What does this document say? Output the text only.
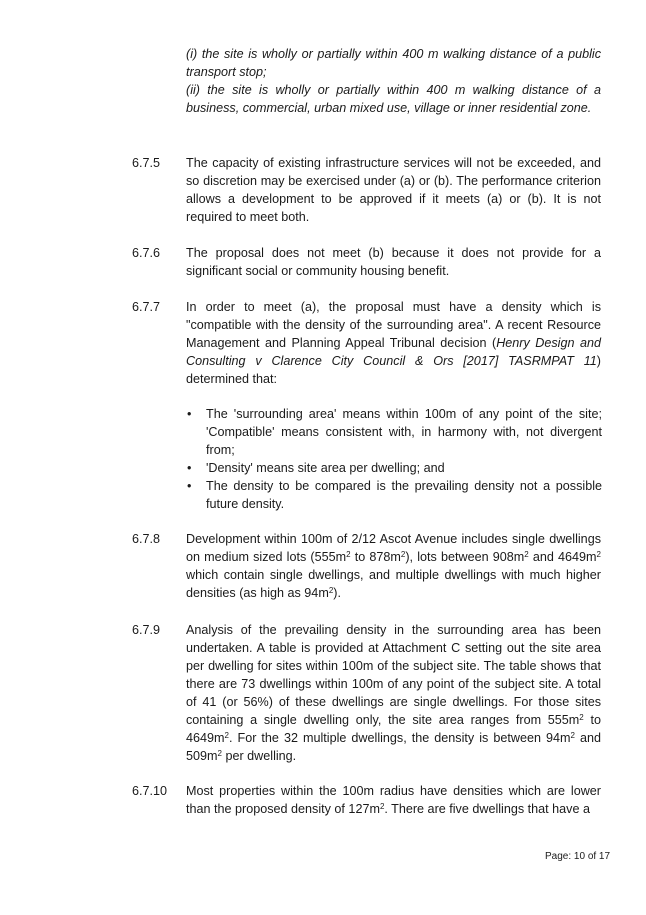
(i) the site is wholly or partially within 400 m walking distance of a public transport stop;

(ii) the site is wholly or partially within 400 m walking distance of a business, commercial, urban mixed use, village or inner residential zone.

6.7.5	The capacity of existing infrastructure services will not be exceeded, and so discretion may be exercised under (a) or (b). The performance criterion allows a development to be approved if it meets (a) or (b). It is not required to meet both.
6.7.6	The proposal does not meet (b) because it does not provide for a significant social or community housing benefit.
6.7.7	In order to meet (a), the proposal must have a density which is "compatible with the density of the surrounding area". A recent Resource Management and Planning Appeal Tribunal decision (Henry Design and Consulting v Clarence City Council & Ors [2017] TASRMPAT 11) determined that:
• The 'surrounding area' means within 100m of any point of the site; 'Compatible' means consistent with, in harmony with, not divergent from;
• 'Density' means site area per dwelling; and
• The density to be compared is the prevailing density not a possible future density.
6.7.8	Development within 100m of 2/12 Ascot Avenue includes single dwellings on medium sized lots ($555m^2$ to $878m^2$), lots between $908m^2$ and $4649m^2$ which contain single dwellings, and multiple dwellings with much higher densities (as high as $94m^2$).
6.7.9	Analysis of the prevailing density in the surrounding area has been undertaken. A table is provided at Attachment C setting out the site area per dwelling for sites within 100m of the subject site. The table shows that there are 73 dwellings within 100m of any point of the subject site. A total of 41 (or 56%) of these dwellings are single dwellings. For those sites containing a single dwelling only, the site area ranges from $555m^2$ to $4649m^2$. For the 32 multiple dwellings, the density is between $94m^2$ and $509m^2$ per dwelling.
6.7.10	Most properties within the 100m radius have densities which are lower than the proposed density of $127m^2$. There are five dwellings that have a
Page: 10 of 17
